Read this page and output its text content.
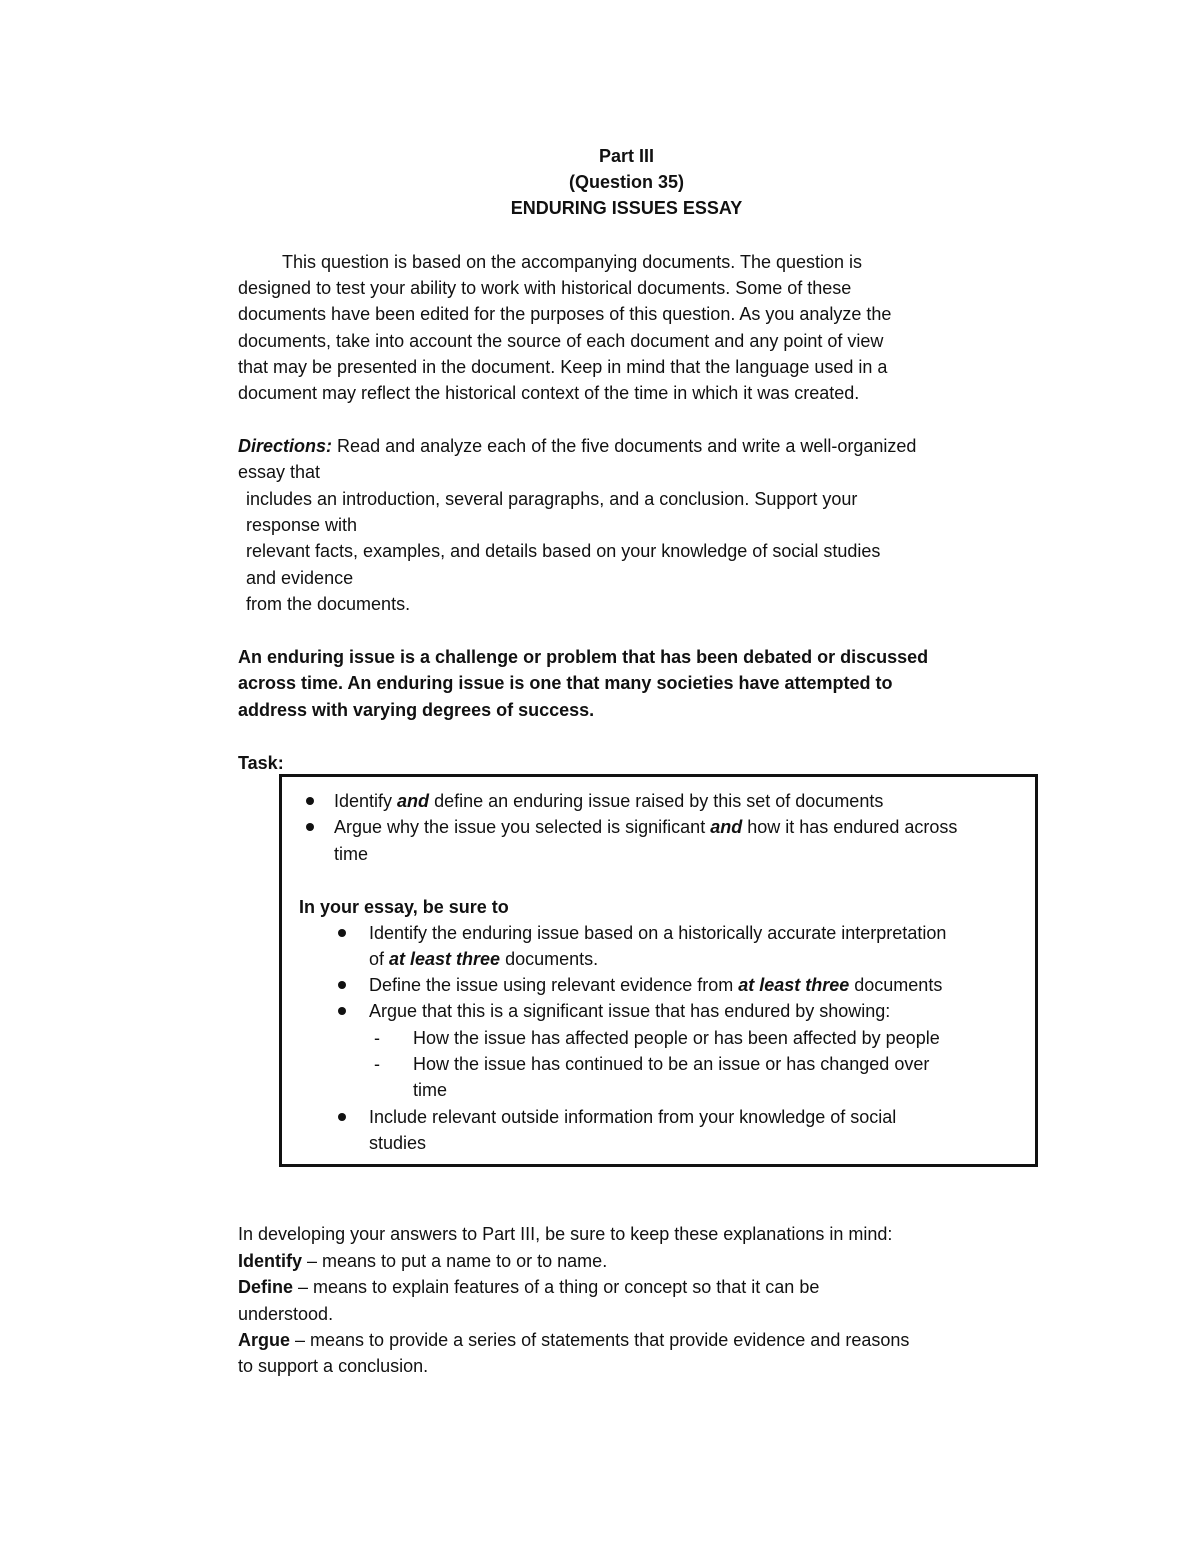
Part III
(Question 35)
ENDURING ISSUES ESSAY
This question is based on the accompanying documents. The question is
designed to test your ability to work with historical documents. Some of these
documents have been edited for the purposes of this question. As you analyze the
documents, take into account the source of each document and any point of view
that may be presented in the document. Keep in mind that the language used in a
document may reflect the historical context of the time in which it was created.
Directions: Read and analyze each of the five documents and write a well-organized
essay that
includes an introduction, several paragraphs, and a conclusion. Support your
response with
relevant facts, examples, and details based on your knowledge of social studies
and evidence
from the documents.
An enduring issue is a challenge or problem that has been debated or discussed
across time. An enduring issue is one that many societies have attempted to
address with varying degrees of success.
Task:
Identify and define an enduring issue raised by this set of documents
Argue why the issue you selected is significant and how it has endured across
time
In your essay, be sure to
Identify the enduring issue based on a historically accurate interpretation
of at least three documents.
Define the issue using relevant evidence from at least three documents
Argue that this is a significant issue that has endured by showing:
- How the issue has affected people or has been affected by people
- How the issue has continued to be an issue or has changed over
time
Include relevant outside information from your knowledge of social
studies
In developing your answers to Part III, be sure to keep these explanations in mind:
Identify – means to put a name to or to name.
Define – means to explain features of a thing or concept so that it can be
understood.
Argue – means to provide a series of statements that provide evidence and reasons
to support a conclusion.
